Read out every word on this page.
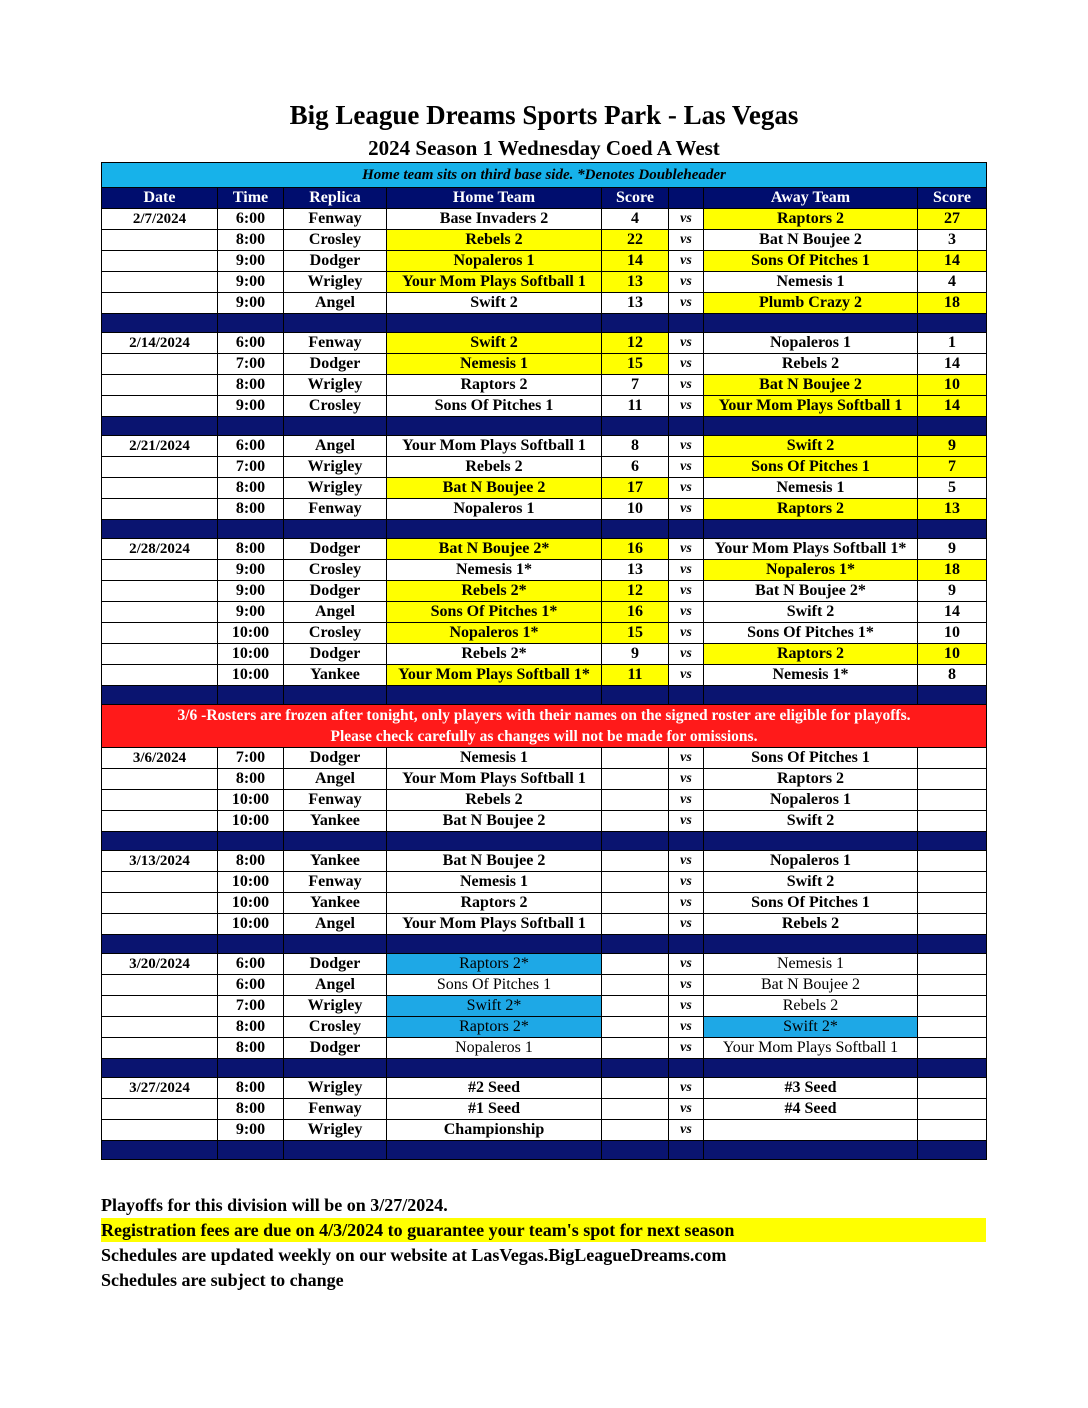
Big League Dreams Sports Park - Las Vegas
2024 Season 1 Wednesday Coed A West
Home team sits on third base side. *Denotes Doubleheader							
Date	Time	Replica	Home Team	Score		Away Team	Score
2/7/2024	6:00	Fenway	Base Invaders 2	4	vs	Raptors 2	27
	8:00	Crosley	Rebels 2	22	vs	Bat N Boujee 2	3
	9:00	Dodger	Nopaleros 1	14	vs	Sons Of Pitches 1	14
	9:00	Wrigley	Your Mom Plays Softball 1	13	vs	Nemesis 1	4
	9:00	Angel	Swift 2	13	vs	Plumb Crazy 2	18

2/14/2024	6:00	Fenway	Swift 2	12	vs	Nopaleros 1	1
	7:00	Dodger	Nemesis 1	15	vs	Rebels 2	14
	8:00	Wrigley	Raptors 2	7	vs	Bat N Boujee 2	10
	9:00	Crosley	Sons Of Pitches 1	11	vs	Your Mom Plays Softball 1	14

2/21/2024	6:00	Angel	Your Mom Plays Softball 1	8	vs	Swift 2	9
	7:00	Wrigley	Rebels 2	6	vs	Sons Of Pitches 1	7
	8:00	Wrigley	Bat N Boujee 2	17	vs	Nemesis 1	5
	8:00	Fenway	Nopaleros 1	10	vs	Raptors 2	13

2/28/2024	8:00	Dodger	Bat N Boujee 2*	16	vs	Your Mom Plays Softball 1*	9
	9:00	Crosley	Nemesis 1*	13	vs	Nopaleros 1*	18
	9:00	Dodger	Rebels 2*	12	vs	Bat N Boujee 2*	9
	9:00	Angel	Sons Of Pitches 1*	16	vs	Swift 2	14
	10:00	Crosley	Nopaleros 1*	15	vs	Sons Of Pitches 1*	10
	10:00	Dodger	Rebels 2*	9	vs	Raptors 2	10
	10:00	Yankee	Your Mom Plays Softball 1*	11	vs	Nemesis 1*	8

3/6 -Rosters are frozen after tonight, only players with their names on the signed roster are eligible for playoffs.
Please check carefully as changes will not be made for omissions.							

3/6/2024	7:00	Dodger	Nemesis 1		vs	Sons Of Pitches 1	
	8:00	Angel	Your Mom Plays Softball 1		vs	Raptors 2	
	10:00	Fenway	Rebels 2		vs	Nopaleros 1	
	10:00	Yankee	Bat N Boujee 2		vs	Swift 2	

3/13/2024	8:00	Yankee	Bat N Boujee 2		vs	Nopaleros 1	
	10:00	Fenway	Nemesis 1		vs	Swift 2	
	10:00	Yankee	Raptors 2		vs	Sons Of Pitches 1	
	10:00	Angel	Your Mom Plays Softball 1		vs	Rebels 2	

3/20/2024	6:00	Dodger	Raptors 2*		vs	Nemesis 1	
	6:00	Angel	Sons Of Pitches 1		vs	Bat N Boujee 2	
	7:00	Wrigley	Swift 2*		vs	Rebels 2	
	8:00	Crosley	Raptors 2*		vs	Swift 2*	
	8:00	Dodger	Nopaleros 1		vs	Your Mom Plays Softball 1	

3/27/2024	8:00	Wrigley	#2 Seed		vs	#3 Seed	
	8:00	Fenway	#1 Seed		vs	#4 Seed	
	9:00	Wrigley	Championship		vs		

Playoffs for this division will be on 3/27/2024.
Registration fees are due on 4/3/2024 to guarantee your team's spot for next season
Schedules are updated weekly on our website at LasVegas.BigLeagueDreams.com
Schedules are subject to change
